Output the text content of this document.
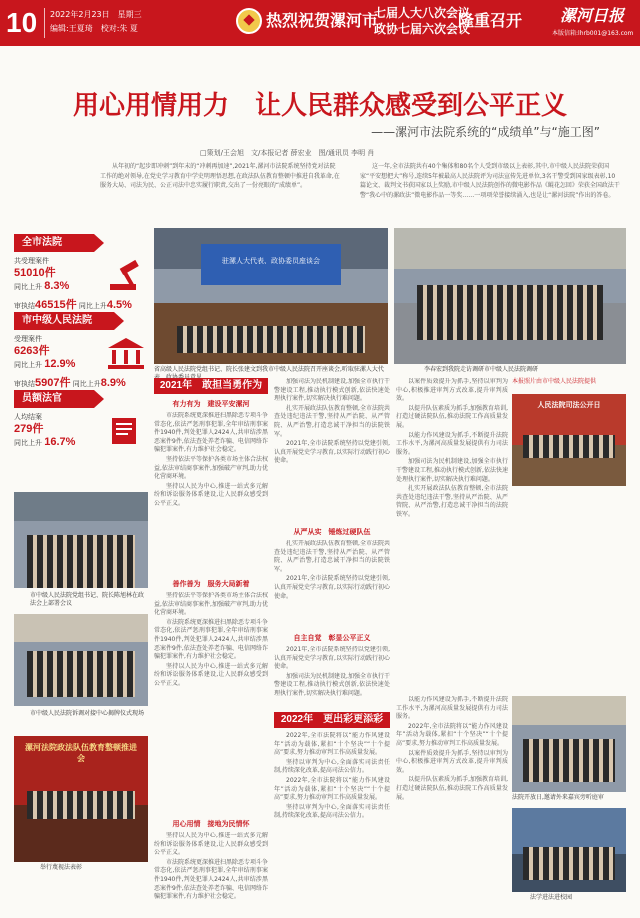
10 2022年2月23日　星期三
编辑:王夏琦　校对:朱 夏	热烈祝贺漯河市
七届人大八次会议
政协七届六次会议
隆重召开 漯河日报
本版信箱:lhrb001@163.com
用心用情用力　让人民群众感受到公平正义
——漯河市法院系统的“成绩单”与“施工图”
□策划/王会旭　文/本报记者 薛宏业　图/通讯员 李明 肖

从年初的“起步即冲刺”到年末的“冲刺再加速”,2021年,漯河市法院系统坚持党对法院工作的绝对领导,在党史学习教育中学史明理悟思想,在政法队伍教育整顿中推进自我革命,在服务大局、司法为民、公正司法中忠实履行职责,交出了一份亮眼的“成绩单”。

这一年,全市法院共有40个集体和80名个人受到市级以上表彰,其中,市中级人民法院荣获国家“平安想把大”称号,连续5年被最高人民法院评为司法宣传先进单位,3名干警受到国家级表彰,10篇论文、裁判文书获国家以上奖励,市中级人民法院创作的微电影作品《鲲花怎回》荣获全国政法干警“我心中的漯政法”微电影作品一等奖……一项项荣誉接续涌入,也是让“漯河法院”作出的答卷。

全市法院
共受理案件
51010件
同比上升 8.3%
审执结46515件 同比上升4.5%
市中级人民法院
受理案件
6263件
同比上升 12.9%
审执结5907件 同比上升8.9%
员额法官
人均结案
279件
同比上升 16.7%
驻漯人大代表、政协委员座谈会
省高级人民法院党组书记、院长张建文到我市中级人民法院召开座谈会,听取驻漯人大代	李春宏到我院走访调研市中级人民法院调研
市中级人民法院党组书记、院长陈旭林在政法会上部署会议
市中级人民法院诉调对接中心揭牌仪式现场
漯河法院政法队伍教育整顿推进会
举行蔑视法表彰
2021年　敢担当勇作为
有力有为　建设平安漯河

市法院系统更深推进扫黑除恶专项斗争常态化,依法严惩刑事犯罪,全年审结刑事案件1940件,判处犯罪人2424人,共审结涉黑恶案件9件,依法查处养老诈骗、电信网络诈骗犯罪案件,有力维护社会稳定。

坚持依法平等保护各类市场主体合法权益,依法审结商事案件,加强破产审判,助力优化营商环境。

坚持以人民为中心,推进一站式多元解纷和诉讼服务体系建设,让人民群众感受到公平正义。

善作善为　服务大局新着

坚持依法平等保护各类市场主体合法权益,依法审结商事案件,加强破产审判,助力优化营商环境。

市法院系统更深推进扫黑除恶专项斗争常态化,依法严惩刑事犯罪,全年审结刑事案件1940件,判处犯罪人2424人,共审结涉黑恶案件9件,依法查处养老诈骗、电信网络诈骗犯罪案件,有力维护社会稳定。

坚持以人民为中心,推进一站式多元解纷和诉讼服务体系建设,让人民群众感受到公平正义。

用心用情　接地为民情怀

坚持以人民为中心,推进一站式多元解纷和诉讼服务体系建设,让人民群众感受到公平正义。

市法院系统更深推进扫黑除恶专项斗争常态化,依法严惩刑事犯罪,全年审结刑事案件1940件,判处犯罪人2424人,共审结涉黑恶案件9件,依法查处养老诈骗、电信网络诈骗犯罪案件,有力维护社会稳定。

加强司法为民机制建设,加强全市执行干警建设工程,推动执行模式创新,依法快速处理执行案件,切实解决执行难问题。

扎实开展政法队伍教育整顿,全市法院共查处违纪违法干警,坚持从严治院、从严管院、从严治警,打造忠诚干净担当的法院铁军。

2021年,全市法院系统坚持以党建引领,认真开展党史学习教育,以实际行动践行初心使命。

从严从实　锤炼过硬队伍

扎实开展政法队伍教育整顿,全市法院共查处违纪违法干警,坚持从严治院、从严管院、从严治警,打造忠诚干净担当的法院铁军。

2021年,全市法院系统坚持以党建引领,认真开展党史学习教育,以实际行动践行初心使命。

自主自觉　彰显公平正义

2021年,全市法院系统坚持以党建引领,认真开展党史学习教育,以实际行动践行初心使命。

加强司法为民机制建设,加强全市执行干警建设工程,推动执行模式创新,依法快速处理执行案件,切实解决执行难问题。

2022年　更出彩更添彩

2022年,全市法院将以“能力作风建设年”活动为载体,紧扣“十个坚决”“十个提高”要求,努力推动审判工作高质量发展。

坚持以审判为中心,全面落实司法责任制,持续深化改革,提高司法公信力。

2022年,全市法院将以“能力作风建设年”活动为载体,紧扣“十个坚决”“十个提高”要求,努力推动审判工作高质量发展。

坚持以审判为中心,全面落实司法责任制,持续深化改革,提高司法公信力。

以案件质效提升为抓手,坚持以审判为中心,积极推进审判方式改革,提升审判质效。

以提升队伍素质为抓手,加强教育培训,打造过硬法院队伍,推动法院工作高质量发展。

以能力作风建设为抓手,不断提升法院工作水平,为漯河高质量发展提供有力司法服务。

加强司法为民机制建设,加强全市执行干警建设工程,推动执行模式创新,依法快速处理执行案件,切实解决执行难问题。

扎实开展政法队伍教育整顿,全市法院共查处违纪违法干警,坚持从严治院、从严管院、从严治警,打造忠诚干净担当的法院铁军。

以能力作风建设为抓手,不断提升法院工作水平,为漯河高质量发展提供有力司法服务。

2022年,全市法院将以“能力作风建设年”活动为载体,紧扣“十个坚决”“十个提高”要求,努力推动审判工作高质量发展。

以案件质效提升为抓手,坚持以审判为中心,积极推进审判方式改革,提升审判质效。

以提升队伍素质为抓手,加强教育培训,打造过硬法院队伍,推动法院工作高质量发展。

本报照片由市中级人民法院提供
人民法院司法公开日
法院开放日,邀请外来嘉宾旁听庭审
法学进法进校园
